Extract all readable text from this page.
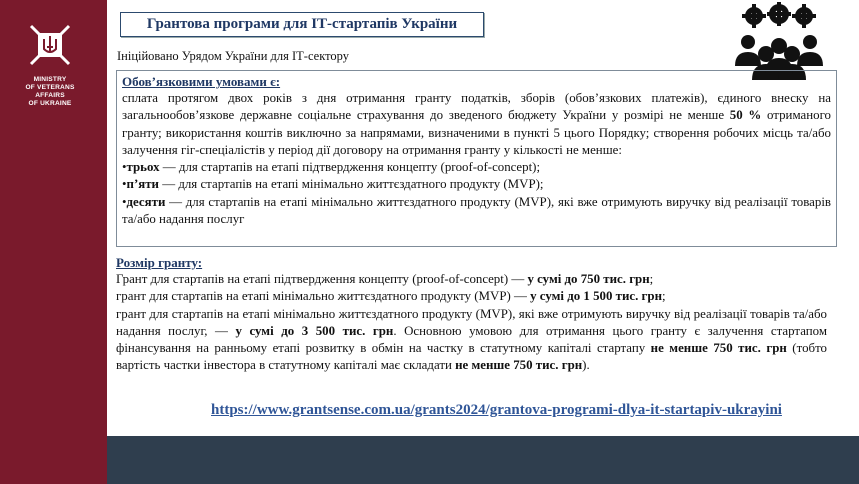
MINISTRY
OF VETERANS
AFFAIRS
OF UKRAINE
Грантова програми для ІТ-стартапів України
Ініційовано Урядом України для ІТ-сектору
Обов’язковими умовами є:

сплата протягом двох років з дня отримання гранту податків, зборів (обов’язкових платежів), єдиного внеску на загальнообов’язкове державне соціальне страхування до зведеного бюджету України у розмірі не менше 50 % отриманого гранту; використання коштів виключно за напрямами, визначеними в пункті 5 цього Порядку; створення робочих місць та/або залучення гіг-спеціалістів у період дії договору на отримання гранту у кількості не менше:

•трьох — для стартапів на етапі підтвердження концепту (proof-of-concept);

•п’яти — для стартапів на етапі мінімально життєздатного продукту (MVP);

•десяти — для стартапів на етапі мінімально життєздатного продукту (MVP), які вже отримують виручку від реалізації товарів та/або надання послуг

Розмір гранту:

Грант для стартапів на етапі підтвердження концепту (proof-of-concept) — у сумі до 750 тис. грн;

грант для стартапів на етапі мінімально життєздатного продукту (MVP) — у сумі до 1 500 тис. грн;

грант для стартапів на етапі мінімально життєздатного продукту (MVP), які вже отримують виручку від реалізації товарів та/або надання послуг, — у сумі до 3 500 тис. грн. Основною умовою для отримання цього гранту є залучення стартапом фінансування на ранньому етапі розвитку в обмін на частку в статутному капіталі стартапу не менше 750 тис. грн (тобто вартість частки інвестора в статутному капіталі має складати не менше 750 тис. грн).

https://www.grantsense.com.ua/grants2024/grantova-programi-dlya-it-startapiv-ukrayini
